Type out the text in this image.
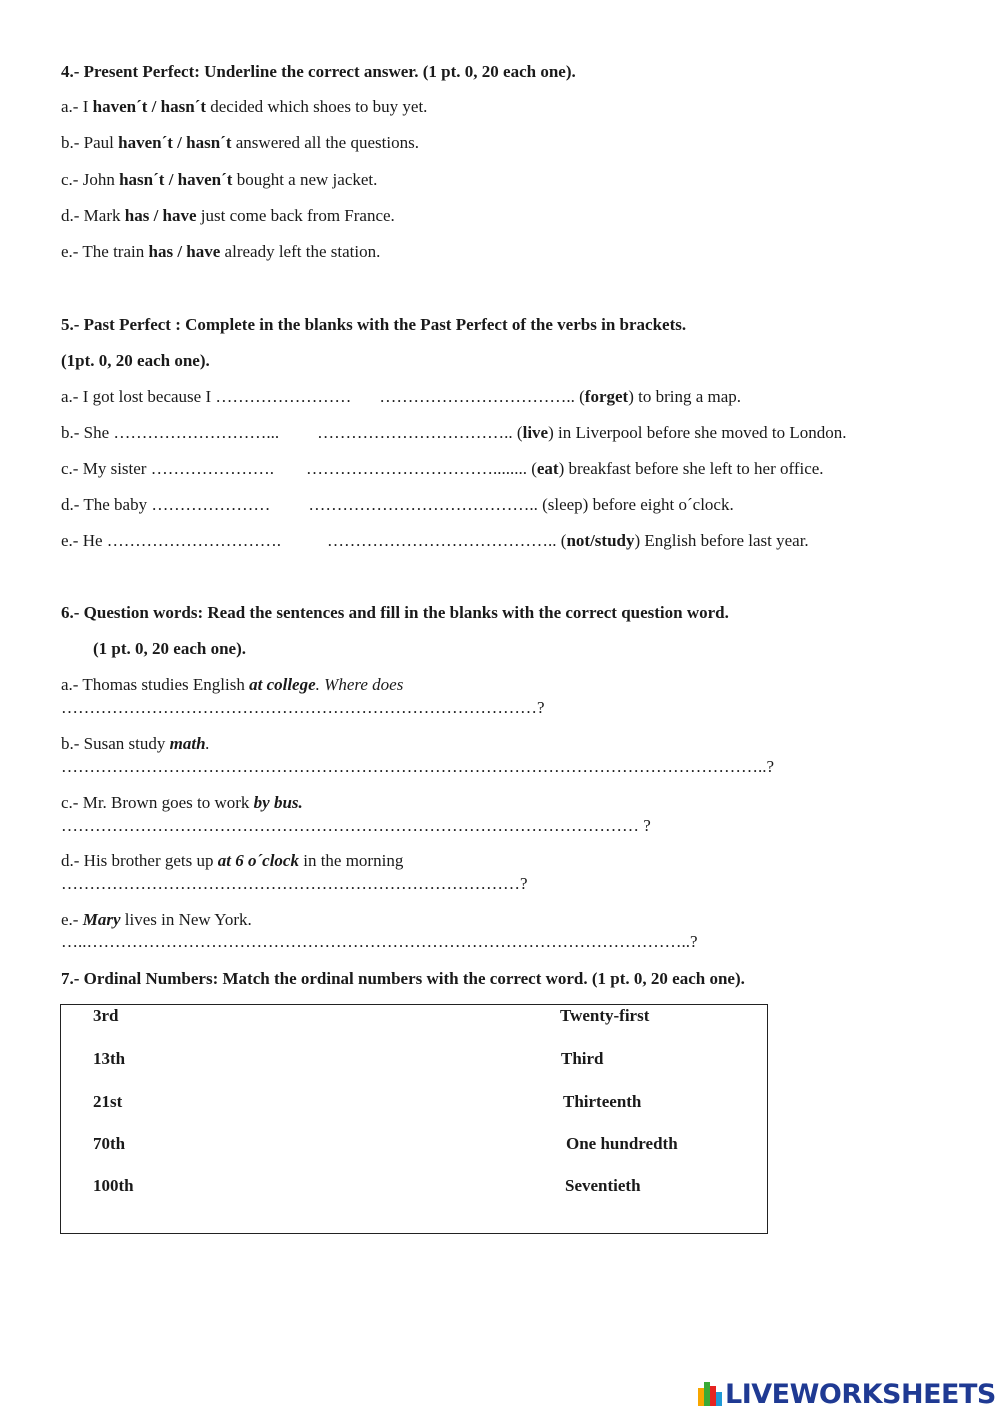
4.- Present Perfect: Underline the correct answer. (1 pt. 0, 20 each one).
a.- I haven´t / hasn´t decided which shoes to buy yet.
b.- Paul haven´t / hasn´t answered all the questions.
c.- John hasn´t / haven´t bought a new jacket.
d.- Mark has / have just come back from France.
e.- The train has / have already left the station.
5.- Past Perfect : Complete in the blanks with the Past Perfect of the verbs in brackets.
(1pt. 0, 20 each one).
a.- I got lost because I …………………… …………………………….. (forget) to bring a map.
b.- She ………………………... …………………………….. (live) in Liverpool before she moved to London.
c.- My sister …………………. ……………………………........ (eat) breakfast before she left to her office.
d.- The baby ………………… ………………………………….. (sleep) before eight o´clock.
e.- He ………………………….	………………………………….. (not/study) English before last year.
6.- Question words: Read the sentences and fill in the blanks with the correct question word.
(1 pt. 0, 20 each one).
a.- Thomas studies English at college. Where does
…………………………………………………………………………?
b.- Susan study math.
……………………………………………………………………………………………………………..?
c.- Mr. Brown goes to work by bus.
………………………………………………………………………………………… ?
d.- His brother gets up at 6 o´clock in the morning
………………………………………………………………………?
e.- Mary lives in New York.
…..……………………………………………………………………………………………..?
7.- Ordinal Numbers: Match the ordinal numbers with the correct word. (1 pt. 0, 20 each one).
3rd
13th
21st
70th
100th
Twenty-first
Third
Thirteenth
One hundredth
Seventieth
LIVEWORKSHEETS
